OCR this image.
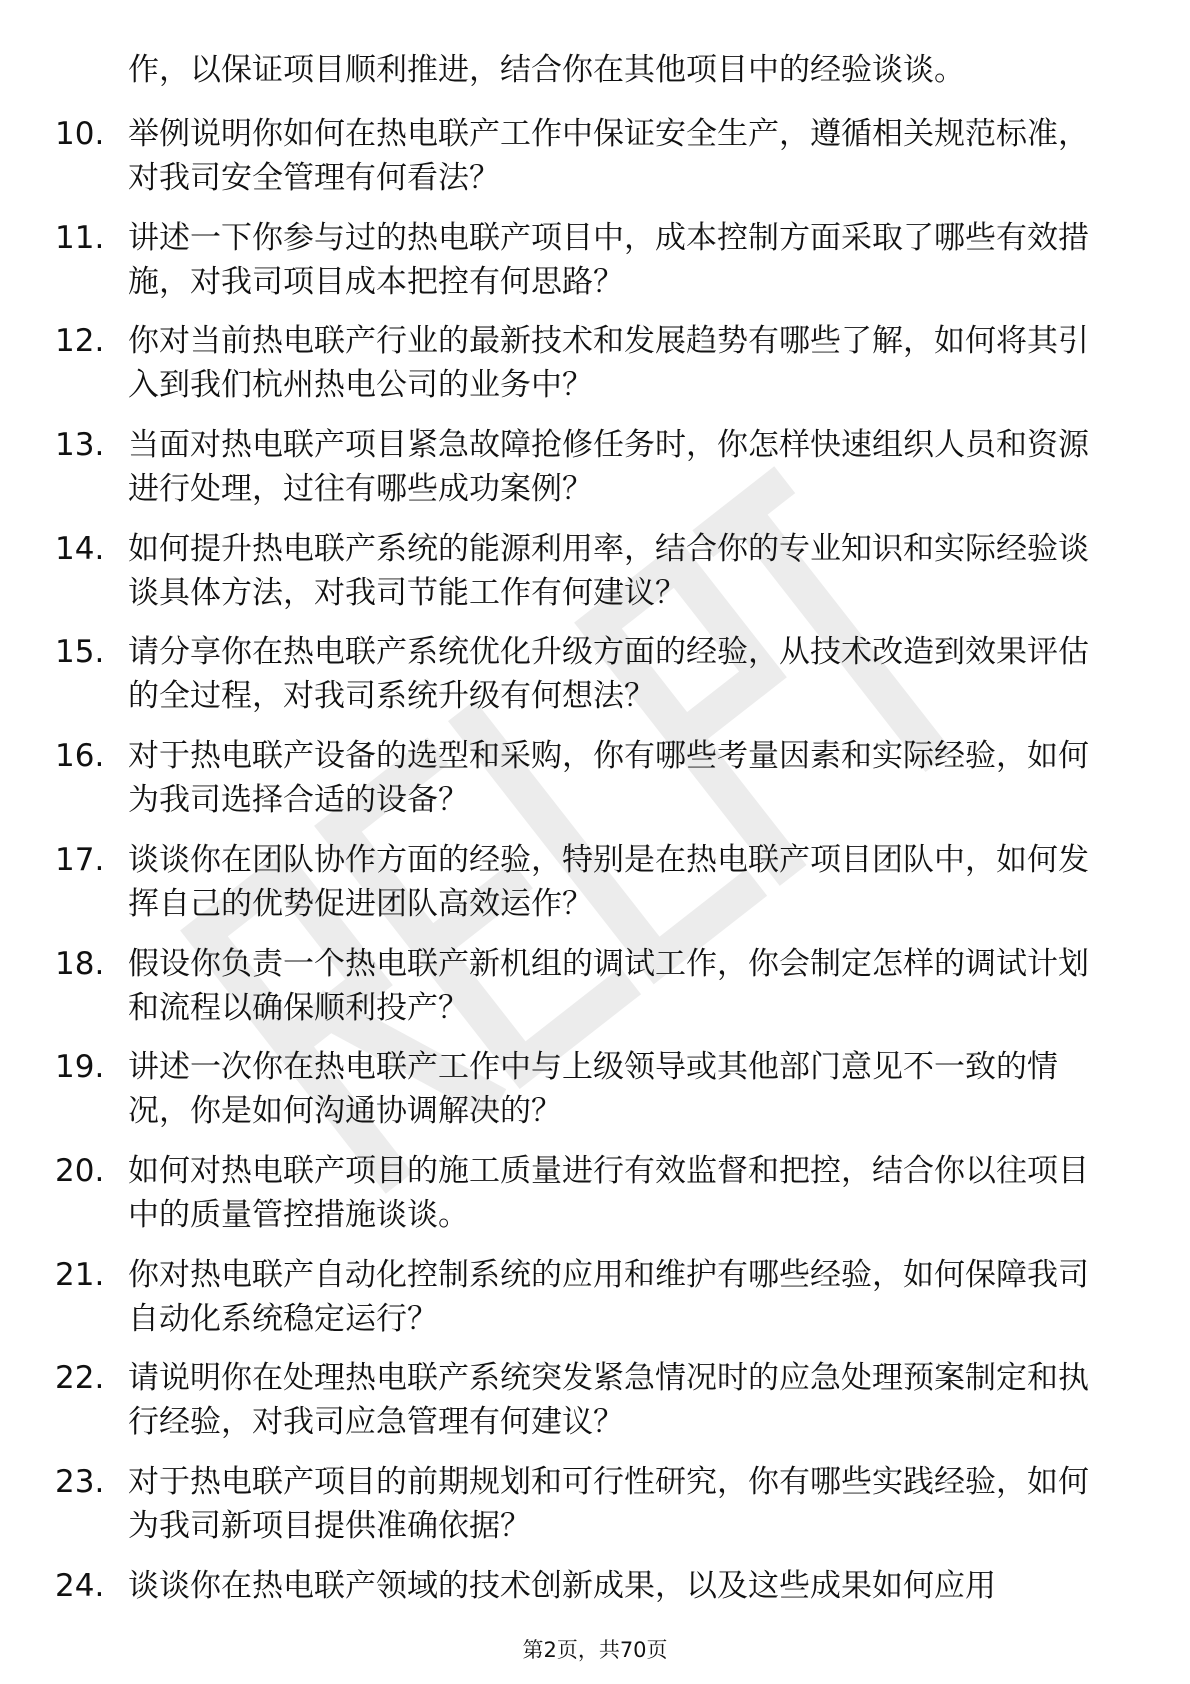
作，以保证项目顺利推进，结合你在其他项目中的经验谈谈。
10. 举例说明你如何在热电联产工作中保证安全生产，遵循相关规范标准，对我司安全管理有何看法？
11. 讲述一下你参与过的热电联产项目中，成本控制方面采取了哪些有效措施，对我司项目成本把控有何思路？
12. 你对当前热电联产行业的最新技术和发展趋势有哪些了解，如何将其引入到我们杭州热电公司的业务中？
13. 当面对热电联产项目紧急故障抢修任务时，你怎样快速组织人员和资源进行处理，过往有哪些成功案例？
14. 如何提升热电联产系统的能源利用率，结合你的专业知识和实际经验谈谈具体方法，对我司节能工作有何建议？
15. 请分享你在热电联产系统优化升级方面的经验，从技术改造到效果评估的全过程，对我司系统升级有何想法？
16. 对于热电联产设备的选型和采购，你有哪些考量因素和实际经验，如何为我司选择合适的设备？
17. 谈谈你在团队协作方面的经验，特别是在热电联产项目团队中，如何发挥自己的优势促进团队高效运作？
18. 假设你负责一个热电联产新机组的调试工作，你会制定怎样的调试计划和流程以确保顺利投产？
19. 讲述一次你在热电联产工作中与上级领导或其他部门意见不一致的情况，你是如何沟通协调解决的？
20. 如何对热电联产项目的施工质量进行有效监督和把控，结合你以往项目中的质量管控措施谈谈。
21. 你对热电联产自动化控制系统的应用和维护有哪些经验，如何保障我司自动化系统稳定运行？
22. 请说明你在处理热电联产系统突发紧急情况时的应急处理预案制定和执行经验，对我司应急管理有何建议？
23. 对于热电联产项目的前期规划和可行性研究，你有哪些实践经验，如何为我司新项目提供准确依据？
24. 谈谈你在热电联产领域的技术创新成果，以及这些成果如何应用
第2页，共70页
